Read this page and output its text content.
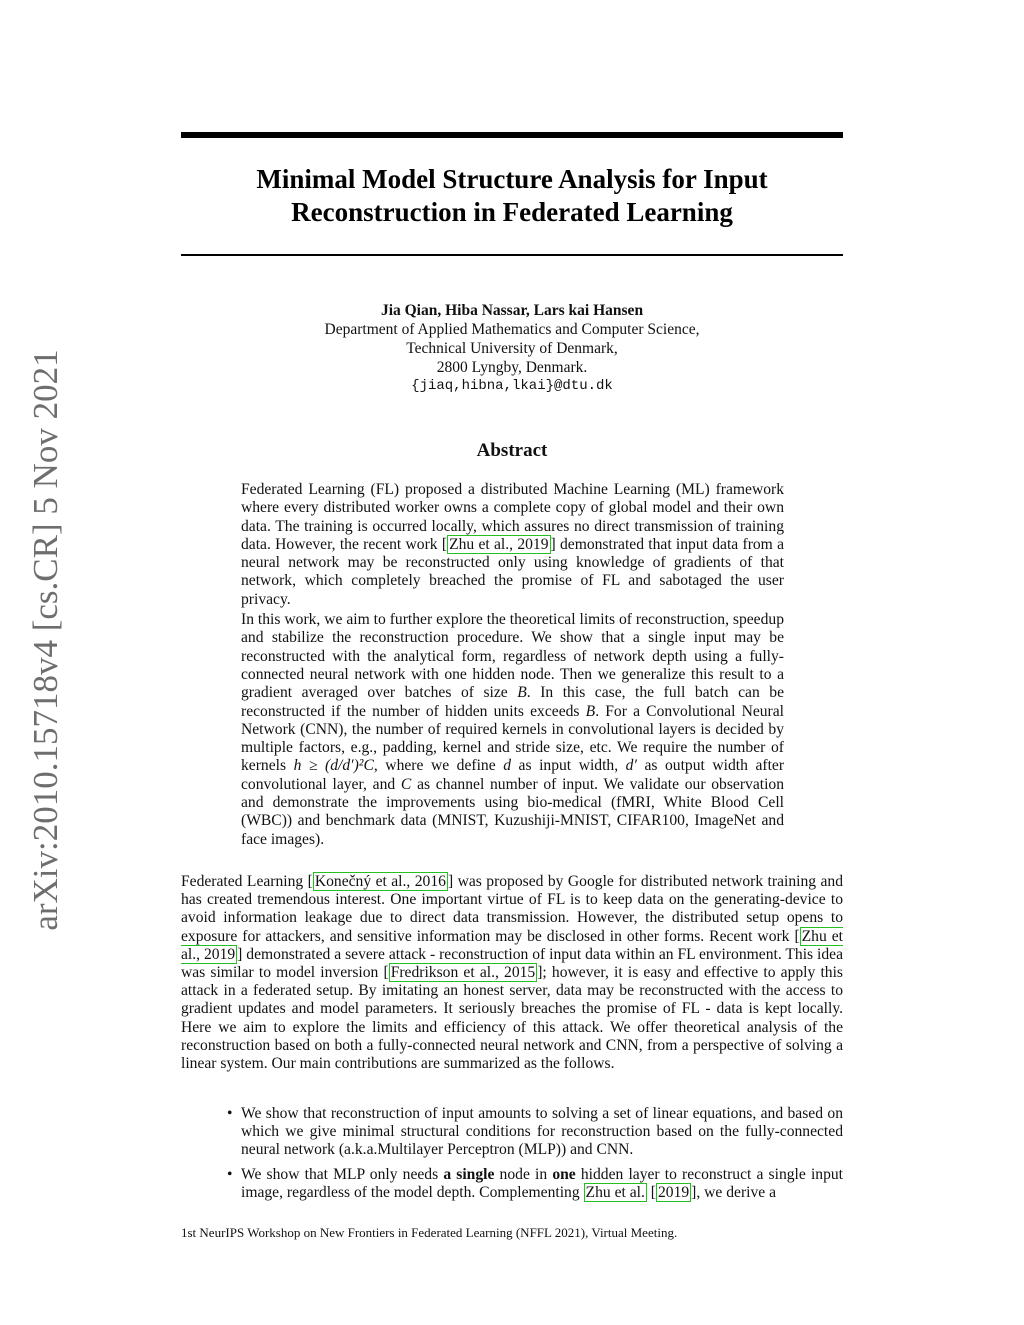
arXiv:2010.15718v4 [cs.CR] 5 Nov 2021
Minimal Model Structure Analysis for Input
Reconstruction in Federated Learning
Jia Qian, Hiba Nassar, Lars kai Hansen
Department of Applied Mathematics and Computer Science,
Technical University of Denmark,
2800 Lyngby, Denmark.
{jiaq,hibna,lkai}@dtu.dk
Abstract

Federated Learning (FL) proposed a distributed Machine Learning (ML) framework where every distributed worker owns a complete copy of global model and their own data. The training is occurred locally, which assures no direct transmission of training data. However, the recent work [ Zhu et al., 2019 ] demonstrated that input data from a neural network may be reconstructed only using knowledge of gradients of that network, which completely breached the promise of FL and sabotaged the user privacy.

In this work, we aim to further explore the theoretical limits of reconstruction, speedup and stabilize the reconstruction procedure. We show that a single input may be reconstructed with the analytical form, regardless of network depth using a fully-connected neural network with one hidden node. Then we generalize this result to a gradient averaged over batches of size B. In this case, the full batch can be reconstructed if the number of hidden units exceeds B. For a Convolutional Neural Network (CNN), the number of required kernels in convolutional layers is decided by multiple factors, e.g., padding, kernel and stride size, etc. We require the number of kernels h ≥ (d/d′)²C, where we define d as input width, d′ as output width after convolutional layer, and C as channel number of input. We validate our observation and demonstrate the improvements using bio-medical (fMRI, White Blood Cell (WBC)) and benchmark data (MNIST, Kuzushiji-MNIST, CIFAR100, ImageNet and face images).

Federated Learning [ Konečný et al., 2016 ] was proposed by Google for distributed network training and has created tremendous interest. One important virtue of FL is to keep data on the generating-device to avoid information leakage due to direct data transmission. However, the distributed setup opens to exposure for attackers, and sensitive information may be disclosed in other forms. Recent work [ Zhu et al., 2019 ] demonstrated a severe attack - reconstruction of input data within an FL environment. This idea was similar to model inversion [ Fredrikson et al., 2015 ]; however, it is easy and effective to apply this attack in a federated setup. By imitating an honest server, data may be reconstructed with the access to gradient updates and model parameters. It seriously breaches the promise of FL - data is kept locally. Here we aim to explore the limits and efficiency of this attack. We offer theoretical analysis of the reconstruction based on both a fully-connected neural network and CNN, from a perspective of solving a linear system. Our main contributions are summarized as the follows.

• We show that reconstruction of input amounts to solving a set of linear equations, and based on which we give minimal structural conditions for reconstruction based on the fully-connected neural network (a.k.a.Multilayer Perceptron (MLP)) and CNN.
• We show that MLP only needs a single node in one hidden layer to reconstruct a single input image, regardless of the model depth. Complementing Zhu et al. [ 2019 ], we derive a
1st NeurIPS Workshop on New Frontiers in Federated Learning (NFFL 2021), Virtual Meeting.
